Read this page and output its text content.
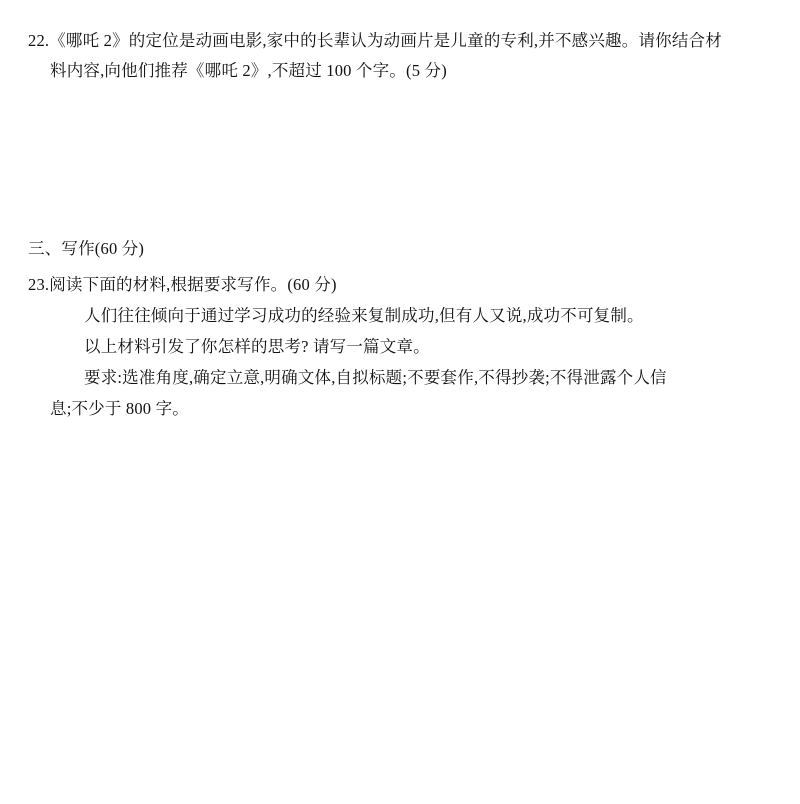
22.《哪吒 2》的定位是动画电影,家中的长辈认为动画片是儿童的专利,并不感兴趣。请你结合材
料内容,向他们推荐《哪吒 2》,不超过 100 个字。(5 分)
三、写作(60 分)
23.阅读下面的材料,根据要求写作。(60 分)
人们往往倾向于通过学习成功的经验来复制成功,但有人又说,成功不可复制。
以上材料引发了你怎样的思考? 请写一篇文章。
要求:选准角度,确定立意,明确文体,自拟标题;不要套作,不得抄袭;不得泄露个人信
息;不少于 800 字。
